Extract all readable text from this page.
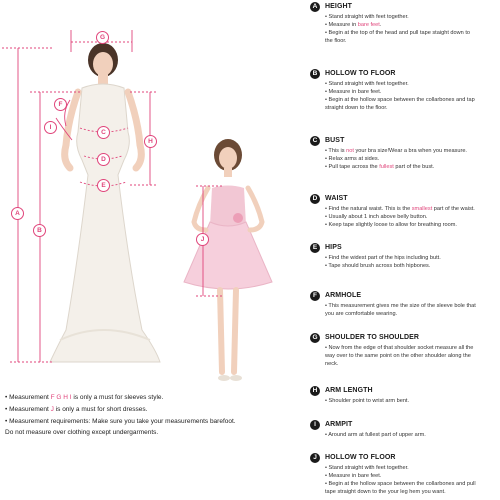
G
F
I
H
A
B
C
D
E
J

• Measurement F G H I is only a must for sleeves style.

• Measurement J is only a must for short dresses.

• Measurement requirements: Make sure you take your measurements barefoot.

Do not measure over clothing except undergarments.

A	HEIGHT

• Stand straight with feet together.

• Measure in bare feet.

• Begin at the top of the head and pull tape staight down to

the floor.

B	HOLLOW TO FLOOR

• Stand straight with feet together.

• Measure in bare feet.

• Begin at the hollow space between the collarbones and tap

straight down to the floor.

C	BUST

• This is not your bra size!Wear a bra when you measure.

• Relax arms at sides.

• Pull tape across the fullest part of the bust.

D	WAIST

• Find the natural waist. This is the smallest part of the waist.

• Usually about 1 inch above belly button.

• Keep tape slightly loose to allow for breathing room.

E	HIPS

• Find the widest part of the hips including butt.

• Tape should brush across both hipbones.

F	ARMHOLE

• This measurement gives me the size of the sleeve bole that

you are comfortable wearing.

G	SHOULDER TO SHOULDER

• Now from the edge of that shoulder socket measure all the

way over to the same point on the other shoulder along the

neck.

H	ARM LENGTH

• Shoulder point to wrist arm bent.

I	ARMPIT

• Around arm at fullest part of upper arm.

J	HOLLOW TO FLOOR

• Stand straight with feet together.

• Measure in bare feet.

• Begin at the hollow space between the collarbones and pull

tape straight down to the your leg hem you want.
